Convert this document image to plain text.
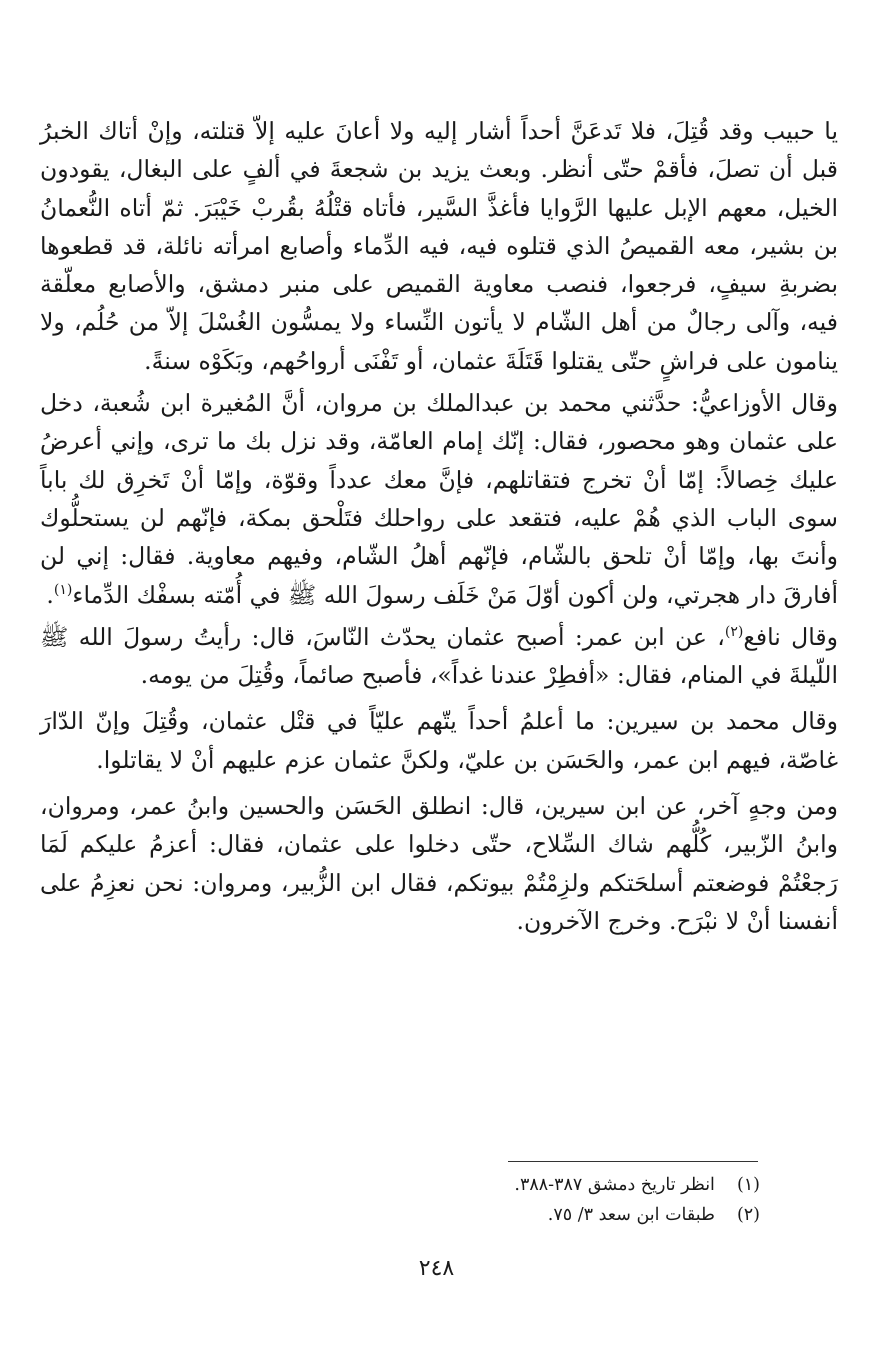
يا حبيب وقد قُتِلَ، فلا تَدعَنَّ أحداً أشار إليه ولا أعانَ عليه إلاّ قتلته، وإنْ أتاك الخبرُ قبل أن تصلَ، فأقمْ حتّى أنظر. وبعث يزيد بن شجعةَ في ألفٍ على البغال، يقودون الخيل، معهم الإبل عليها الرَّوايا فأغذَّ السَّير، فأتاه قتْلُهُ بقُربْ خَيْبَرَ. ثمّ أتاه النُّعمانُ بن بشير، معه القميصُ الذي قتلوه فيه، فيه الدِّماء وأصابع امرأته نائلة، قد قطعوها بضربةِ سيفٍ، فرجعوا، فنصب معاوية القميص على منبر دمشق، والأصابع معلّقة فيه، وآلى رجالٌ من أهل الشّام لا يأتون النِّساء ولا يمسُّون الغُسْلَ إلاّ من حُلُم، ولا ينامون على فراشٍ حتّى يقتلوا قَتَلَةَ عثمان، أو تَفْنَى أرواحُهم، وبَكَوْه سنةً.

وقال الأوزاعيُّ: حدَّثني محمد بن عبدالملك بن مروان، أنَّ المُغيرة ابن شُعبة، دخل على عثمان وهو محصور، فقال: إنّك إمام العامّة، وقد نزل بك ما ترى، وإني أعرضُ عليك خِصالاً: إمّا أنْ تخرج فتقاتلهم، فإنَّ معك عدداً وقوّة، وإمّا أنْ تَخرِق لك باباً سوى الباب الذي هُمْ عليه، فتقعد على رواحلك فتَلْحق بمكة، فإنّهم لن يستحلُّوك وأنتَ بها، وإمّا أنْ تلحق بالشّام، فإنّهم أهلُ الشّام، وفيهم معاوية. فقال: إني لن أفارقَ دار هجرتي، ولن أكون أوّلَ مَنْ خَلَف رسولَ الله ﷺ في أُمّته بسفْك الدِّماء$^{(١)}$.

وقال نافع$^{(٢)}$، عن ابن عمر: أصبح عثمان يحدّث النّاسَ، قال: رأيتُ رسولَ الله ﷺ اللّيلةَ في المنام، فقال: «أفطِرْ عندنا غداً»، فأصبح صائماً، وقُتِلَ من يومه.

وقال محمد بن سيرين: ما أعلمُ أحداً يتّهم عليّاً في قتْل عثمان، وقُتِلَ وإنّ الدّارَ غاصّة، فيهم ابن عمر، والحَسَن بن عليّ، ولكنَّ عثمان عزم عليهم أنْ لا يقاتلوا.

ومن وجهٍ آخر، عن ابن سيرين، قال: انطلق الحَسَن والحسين وابنُ عمر، ومروان، وابنُ الزّبير، كُلُّهم شاك السِّلاح، حتّى دخلوا على عثمان، فقال: أعزمُ عليكم لَمَا رَجعْتُمْ فوضعتم أسلحَتكم ولزِمْتُمْ بيوتكم، فقال ابن الزُّبير، ومروان: نحن نعزِمُ على أنفسنا أنْ لا نبْرَح. وخرج الآخرون.

(١)انظر تاريخ دمشق ٣٨٧-٣٨٨.
(٢)طبقات ابن سعد ٣/ ٧٥.
٢٤٨
